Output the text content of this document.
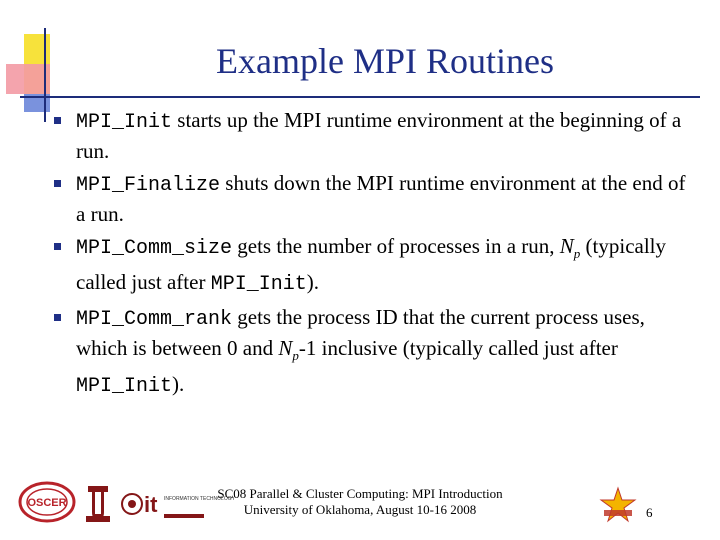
Example MPI Routines
MPI_Init starts up the MPI runtime environment at the beginning of a run.
MPI_Finalize shuts down the MPI runtime environment at the end of a run.
MPI_Comm_size gets the number of processes in a run, $N_p$ (typically called just after MPI_Init).
MPI_Comm_rank gets the process ID that the current process uses, which is between 0 and $N_p-1$ inclusive (typically called just after MPI_Init).
OSCER	it INFORMATION TECHNOLOGY
SC08 Parallel & Cluster Computing: MPI Introduction
University of Oklahoma, August 10-16 2008	6
